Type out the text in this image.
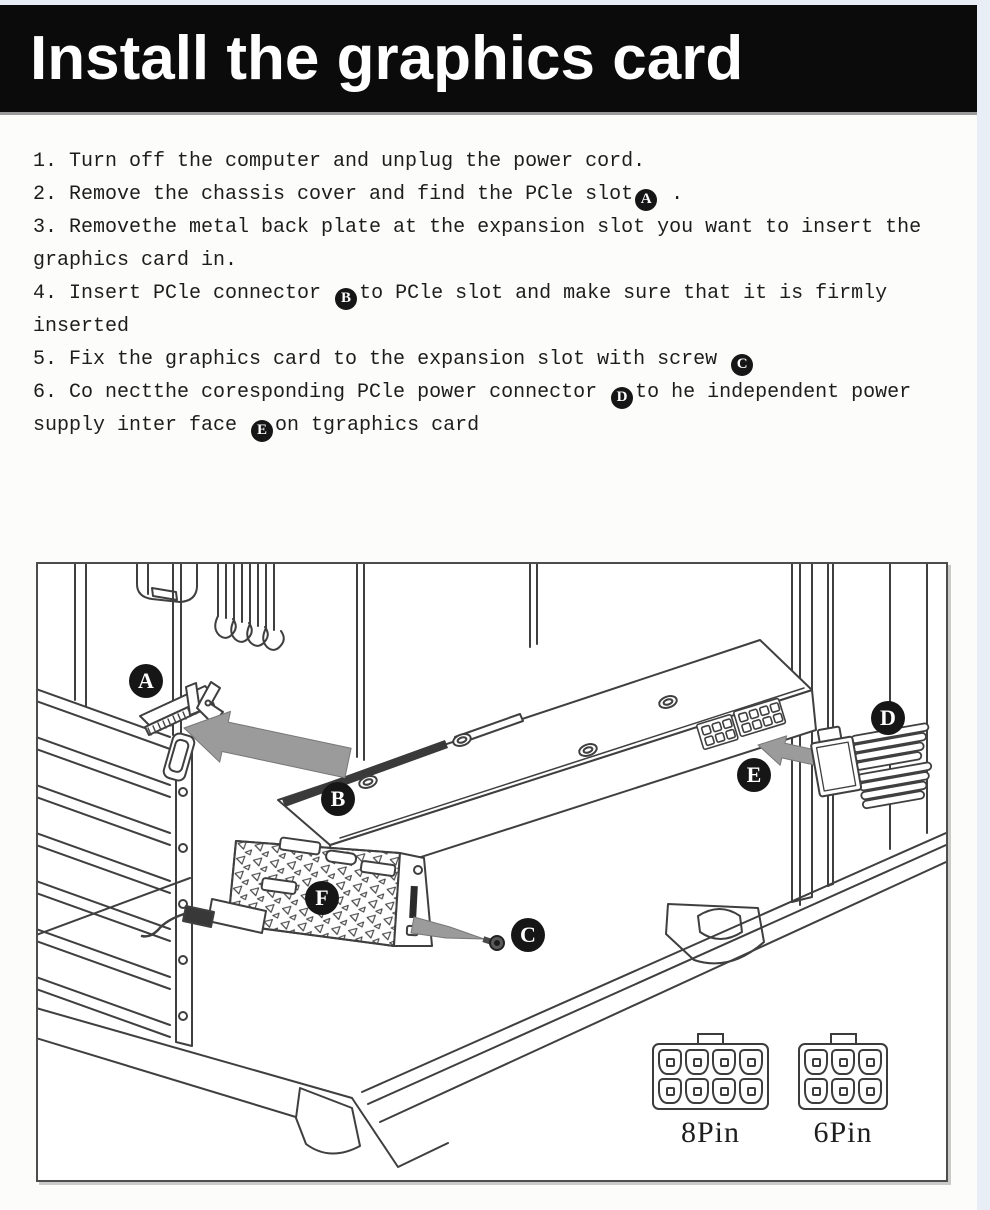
Install the graphics card

1. Turn off the computer and unplug the power cord.

2. Remove the chassis cover and find the PCle slot A .

3. Removethe metal back plate at the expansion slot you want to insert the graphics card in.

4. Insert PCle connector B to PCle slot and make sure that it is firmly inserted

5. Fix the graphics card to the expansion slot with screw C

6. Co nectthe coresponding PCle power connector D to he independent power supply inter face E on tgraphics card

A
B
C
D
E
F
8Pin	6Pin
